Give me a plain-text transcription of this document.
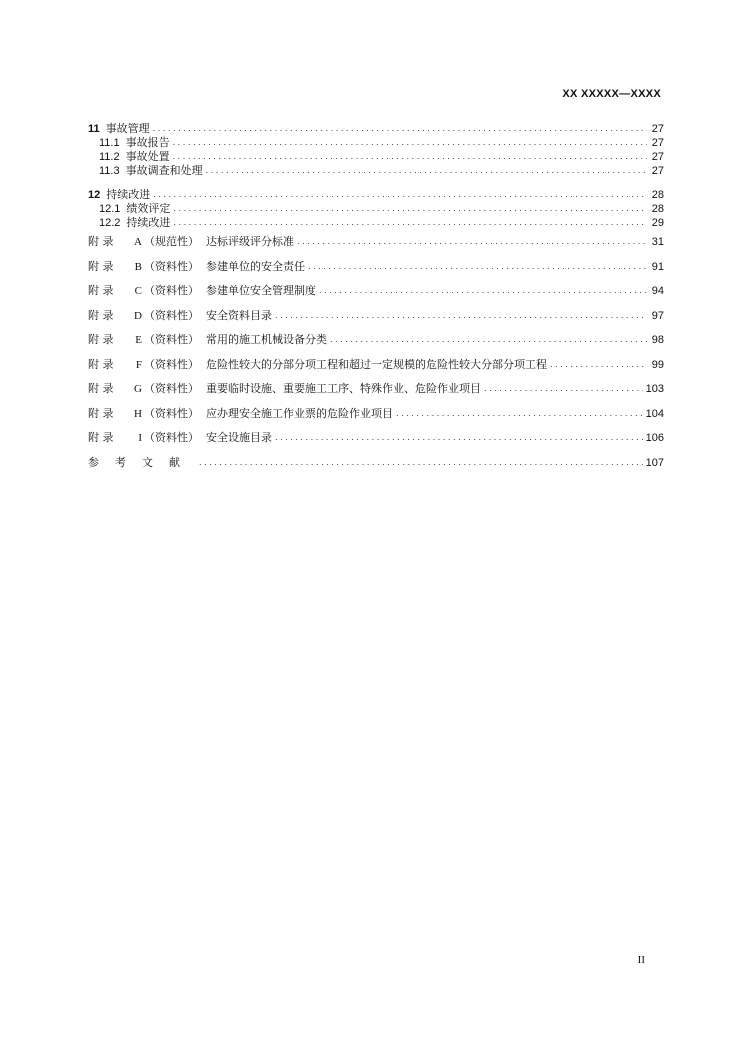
XX XXXXX—XXXX
11 事故管理 . . .	27
11.1 事故报告 . . .	27
11.2 事故处置 . . .	27
11.3 事故调查和处理 . . .	27
12 持续改进 . . .	28
12.1 绩效评定 . . .	28
12.2 持续改进 . . .	29
附 录	A （规范性） 达标评级评分标准 . . .	31
附 录	B （资料性） 参建单位的安全责任 . . .	91
附 录	C （资料性） 参建单位安全管理制度 . . .	94
附 录	D （资料性） 安全资料目录 . . .	97
附 录	E （资料性） 常用的施工机械设备分类 . . .	98
附 录	F （资料性） 危险性较大的分部分项工程和超过一定规模的危险性较大分部分项工程 . . .	99
附 录	G （资料性） 重要临时设施、重要施工工序、特殊作业、危险作业项目 . . .	103
附 录	H （资料性） 应办理安全施工作业票的危险作业项目 . . .	104
附 录	I （资料性） 安全设施目录 . . .	106
参	考	文	献 . . .	107
II
